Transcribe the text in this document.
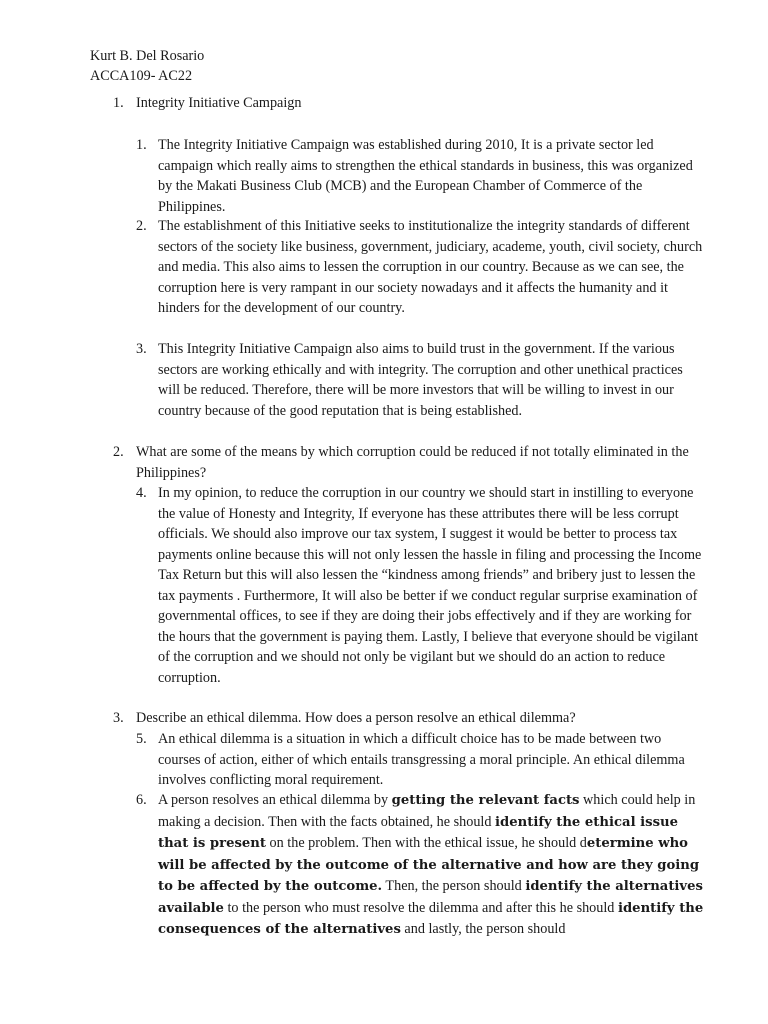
Kurt B. Del Rosario
ACCA109- AC22
1. Integrity Initiative Campaign
1. The Integrity Initiative Campaign was established during 2010, It is a private sector led campaign which really aims to strengthen the ethical standards in business, this was organized by the Makati Business Club (MCB) and the European Chamber of Commerce of the Philippines.
2. The establishment of this Initiative seeks to institutionalize the integrity standards of different sectors of the society like business, government, judiciary, academe, youth, civil society, church and media. This also aims to lessen the corruption in our country. Because as we can see, the corruption here is very rampant in our society nowadays and it affects the humanity and it hinders for the development of our country.
3. This Integrity Initiative Campaign also aims to build trust in the government. If the various sectors are working ethically and with integrity. The corruption and other unethical practices will be reduced. Therefore, there will be more investors that will be willing to invest in our country because of the good reputation that is being established.
2. What are some of the means by which corruption could be reduced if not totally eliminated in the Philippines?
4. In my opinion, to reduce the corruption in our country we should start in instilling to everyone the value of Honesty and Integrity, If everyone has these attributes there will be less corrupt officials. We should also improve our tax system, I suggest it would be better to process tax payments online because this will not only lessen the hassle in filing and processing the Income Tax Return but this will also lessen the “kindness among friends” and bribery just to lessen the tax payments . Furthermore, It will also be better if we conduct regular surprise examination of governmental offices, to see if they are doing their jobs effectively and if they are working for the hours that the government is paying them. Lastly, I believe that everyone should be vigilant of the corruption and we should not only be vigilant but we should do an action to reduce corruption.
3. Describe an ethical dilemma. How does a person resolve an ethical dilemma?
5. An ethical dilemma is a situation in which a difficult choice has to be made between two courses of action, either of which entails transgressing a moral principle. An ethical dilemma involves conflicting moral requirement.
6. A person resolves an ethical dilemma by getting the relevant facts which could help in making a decision. Then with the facts obtained, he should identify the ethical issue that is present on the problem. Then with the ethical issue, he should determine who will be affected by the outcome of the alternative and how are they going to be affected by the outcome. Then, the person should identify the alternatives available to the person who must resolve the dilemma and after this he should identify the consequences of the alternatives and lastly, the person should
